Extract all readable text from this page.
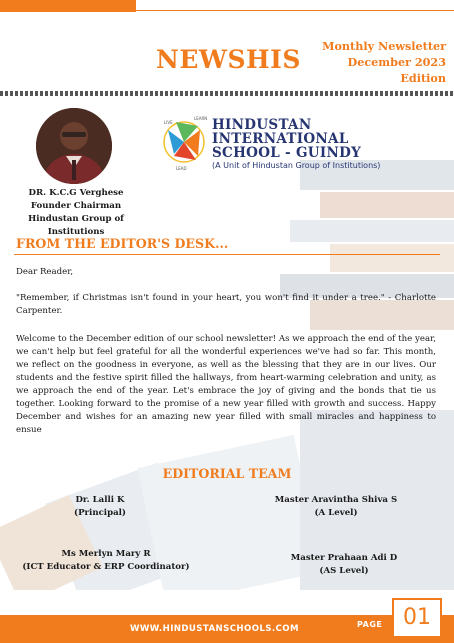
NEWSHIS	Monthly Newsletter
December 2023
Edition
DR. K.C.G Verghese
Founder Chairman
Hindustan Group of Institutions
LIVE
LEARN
LEAD
HINDUSTAN
INTERNATIONAL
SCHOOL - GUINDY
(A Unit of Hindustan Group of Institutions)
FROM THE EDITOR'S DESK...
Dear Reader,
"Remember, if Christmas isn't found in your heart, you won't find it under a tree." - Charlotte Carpenter.
Welcome to the December edition of our school newsletter! As we approach the end of the year, we can't help but feel grateful for all the wonderful experiences we've had so far. This month, we reflect on the goodness in everyone, as well as the blessing that they are in our lives. Our students and the festive spirit filled the hallways, from heart-warming celebration and unity, as we approach the end of the year. Let's embrace the joy of giving and the bonds that tie us together. Looking forward to the promise of a new year filled with growth and success. Happy December and wishes for an amazing new year filled with small miracles and happiness to ensue
EDITORIAL TEAM
Dr. Lalli K
(Principal)
Master Aravintha Shiva S
(A Level)
Ms Merlyn Mary R
(ICT Educator & ERP Coordinator)
Master Prahaan Adi D
(AS Level)
WWW.HINDUSTANSCHOOLS.COM	PAGE 01
